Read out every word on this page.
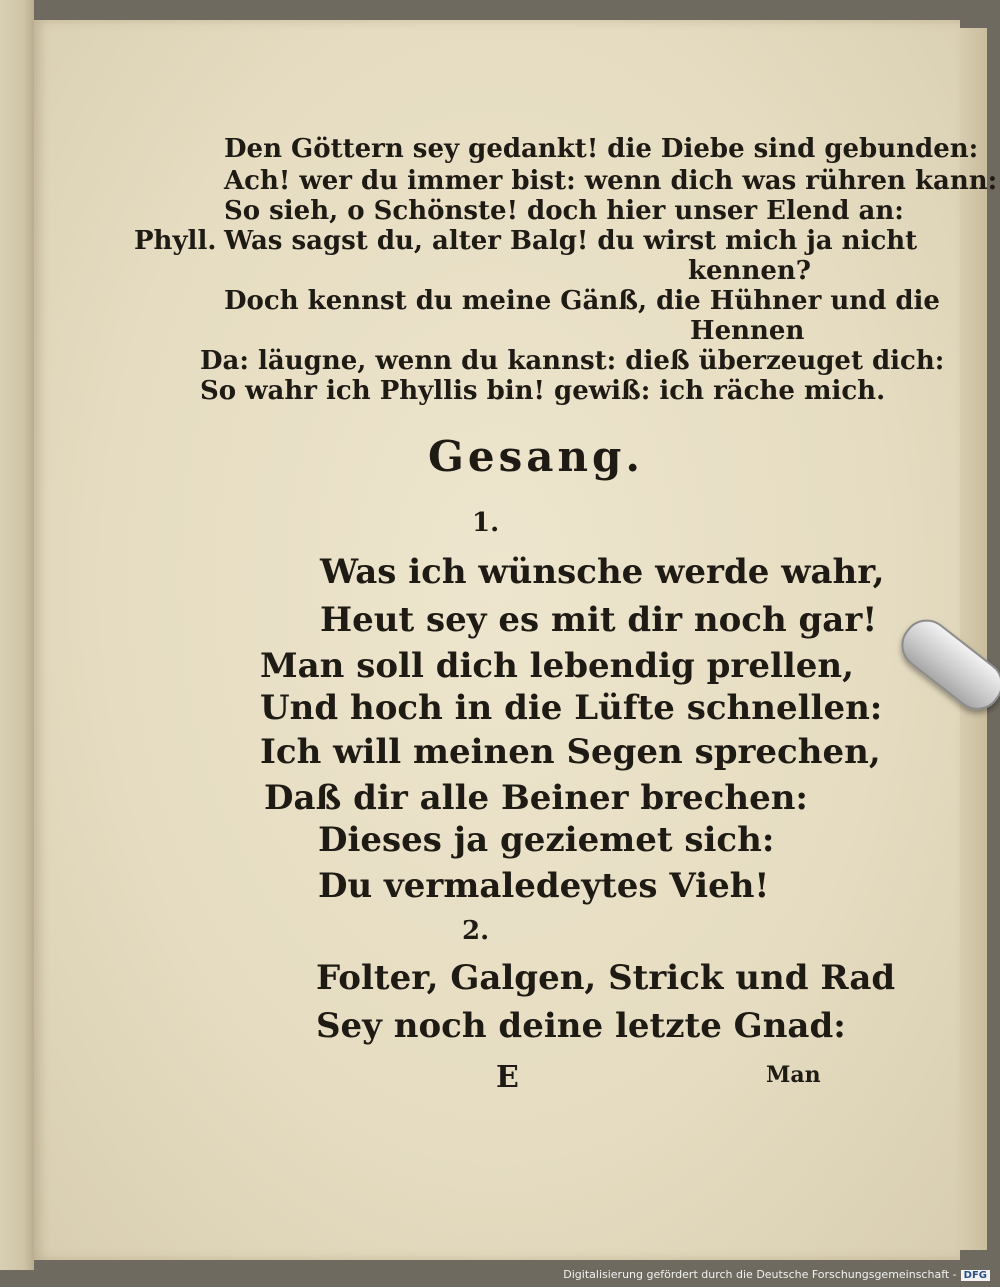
Den Göttern sey gedankt! die Diebe sind gebunden:
Ach! wer du immer bist: wenn dich was rühren kann:
So sieh, o Schönste! doch hier unser Elend an:
Phyll. Was sagst du, alter Balg! du wirst mich ja nicht
kennen?
Doch kennst du meine Gänß, die Hühner und die
Hennen
Da: läugne, wenn du kannst: dieß überzeuget dich:
So wahr ich Phyllis bin! gewiß: ich räche mich.
Gesang.
1.
Was ich wünsche werde wahr,
Heut sey es mit dir noch gar!
Man soll dich lebendig prellen,
Und hoch in die Lüfte schnellen:
Ich will meinen Segen sprechen,
Daß dir alle Beiner brechen:
Dieses ja geziemet sich:
Du vermaledeytes Vieh!
2.
Folter, Galgen, Strick und Rad
Sey noch deine letzte Gnad:
E	Man
Digitalisierung gefördert durch die Deutsche Forschungsgemeinschaft - DFG
